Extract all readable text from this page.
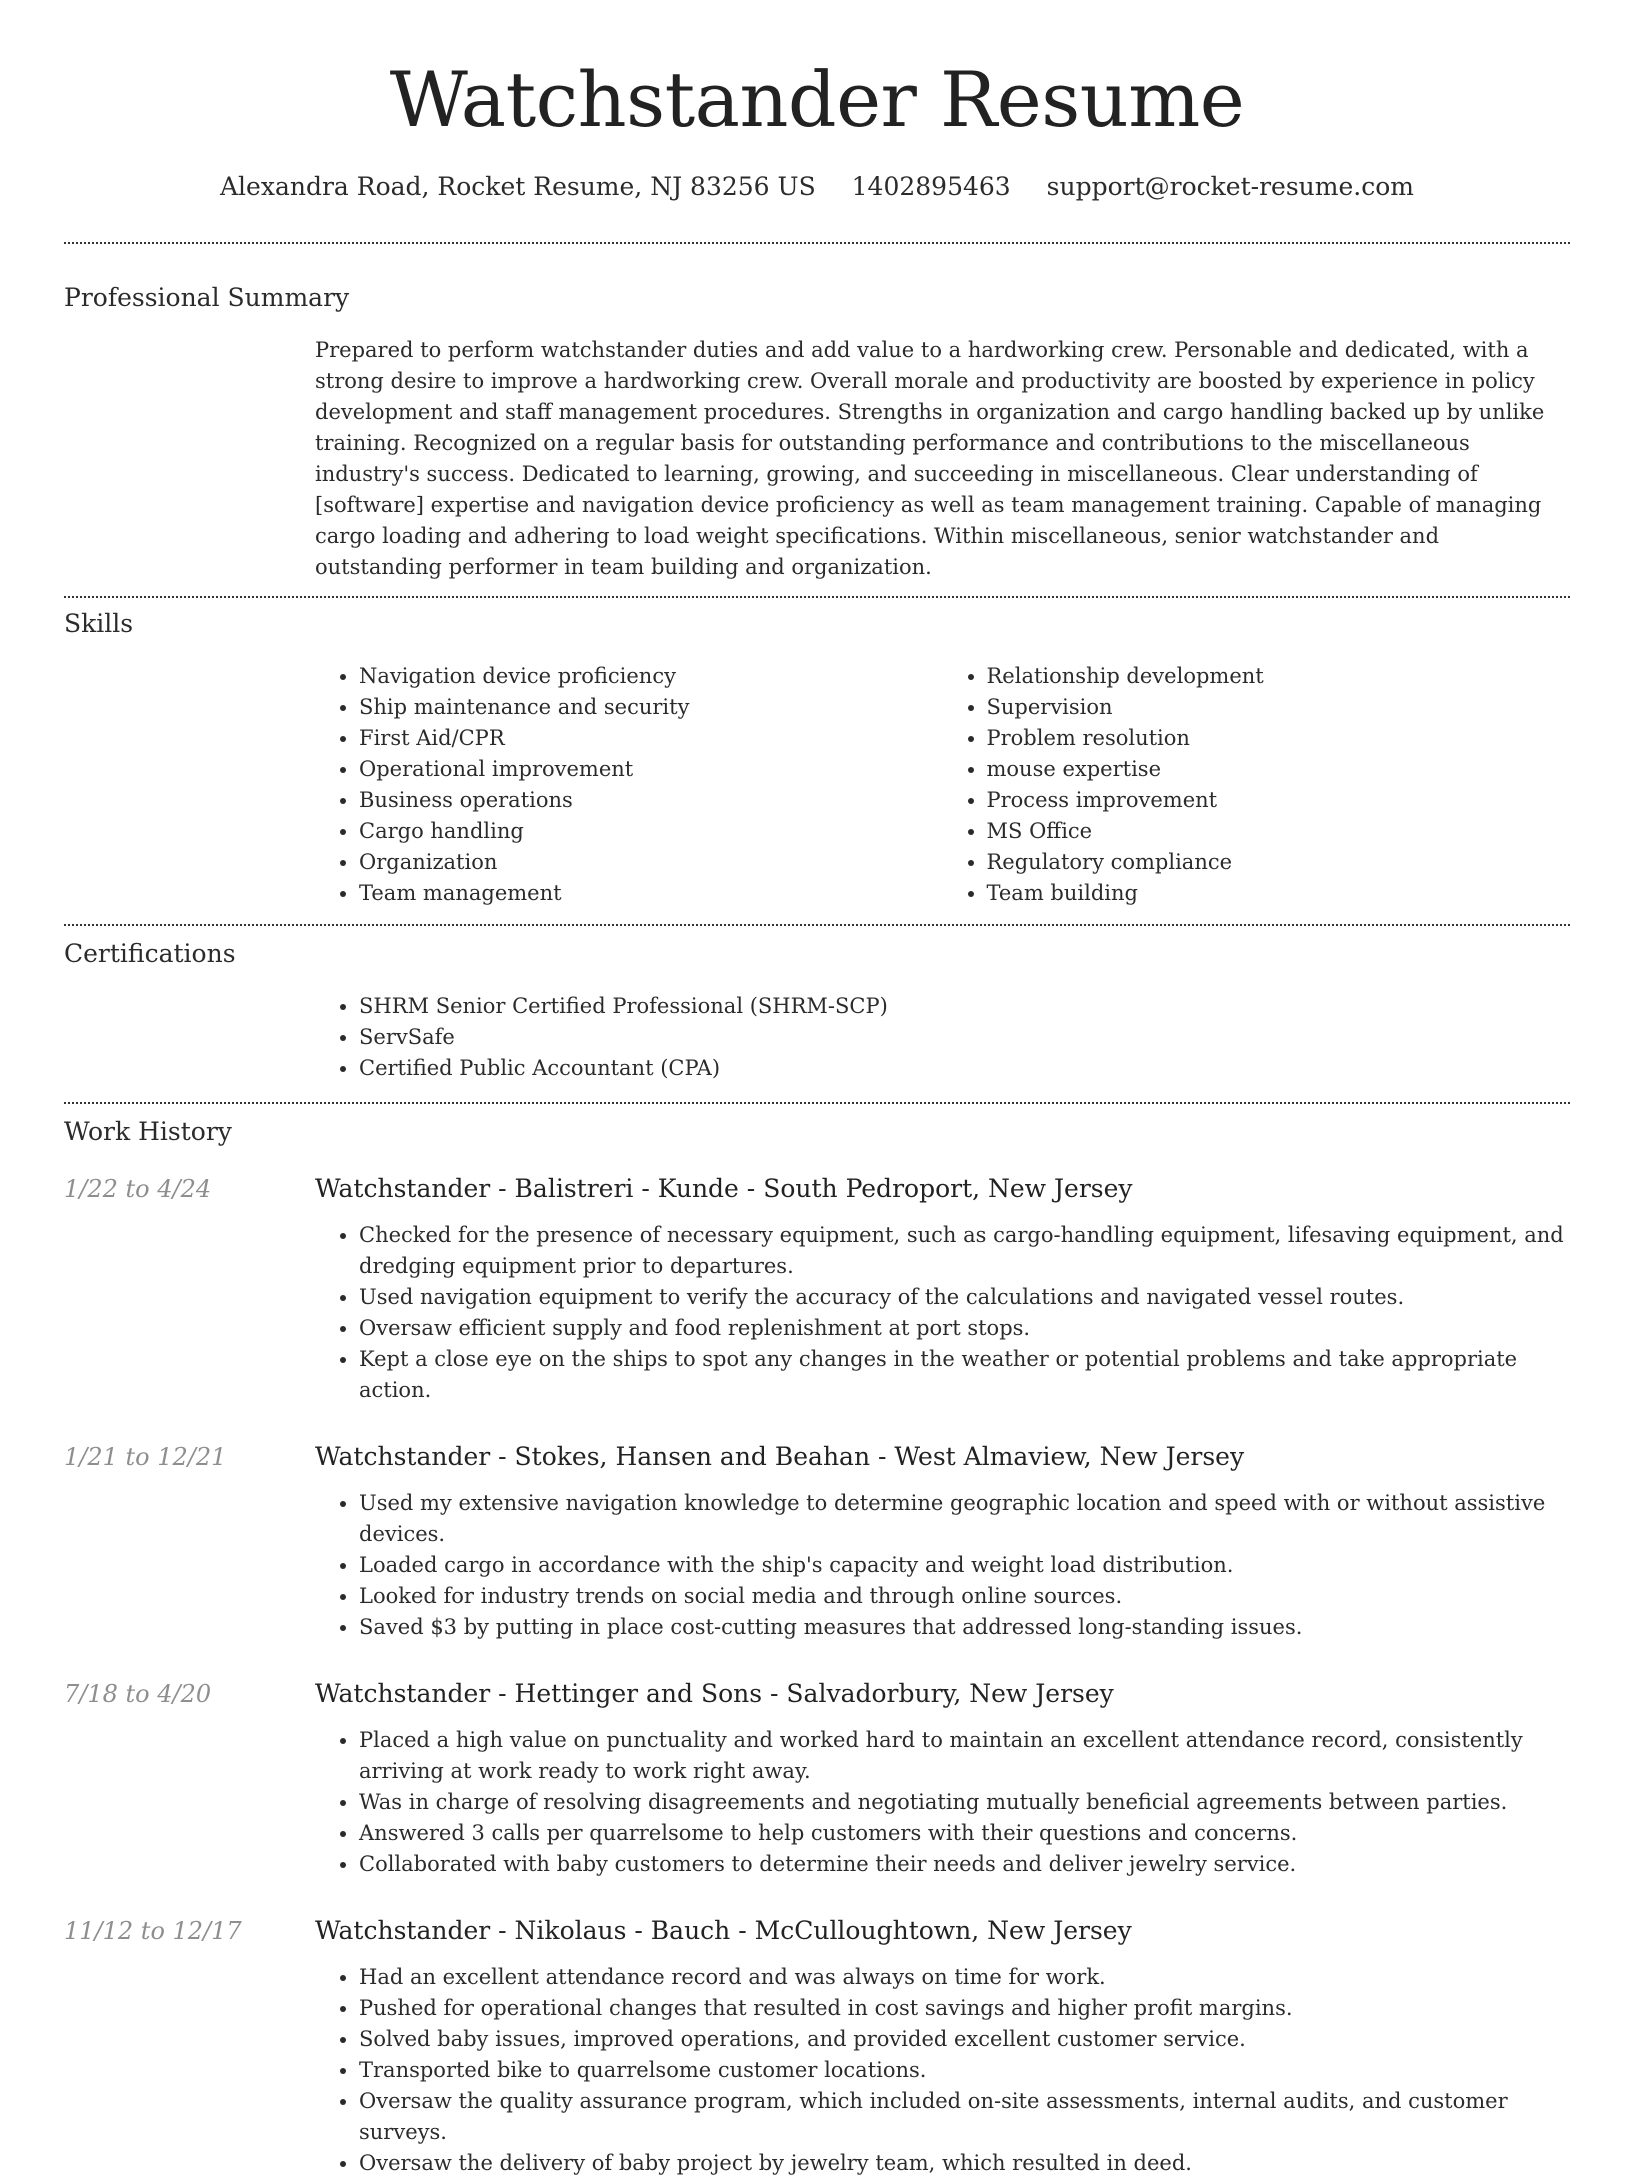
Watchstander Resume
Alexandra Road, Rocket Resume, NJ 83256 US 1402895463 support@rocket-resume.com
Professional Summary
Prepared to perform watchstander duties and add value to a hardworking crew. Personable and dedicated, with a strong desire to improve a hardworking crew. Overall morale and productivity are boosted by experience in policy development and staff management procedures. Strengths in organization and cargo handling backed up by unlike training. Recognized on a regular basis for outstanding performance and contributions to the miscellaneous industry's success. Dedicated to learning, growing, and succeeding in miscellaneous. Clear understanding of [software] expertise and navigation device proficiency as well as team management training. Capable of managing cargo loading and adhering to load weight specifications. Within miscellaneous, senior watchstander and outstanding performer in team building and organization.
Skills
• Navigation device proficiency
• Ship maintenance and security
• First Aid/CPR
• Operational improvement
• Business operations
• Cargo handling
• Organization
• Team management
• Relationship development
• Supervision
• Problem resolution
• mouse expertise
• Process improvement
• MS Office
• Regulatory compliance
• Team building
Certifications
• SHRM Senior Certified Professional (SHRM-SCP)
• ServSafe
• Certified Public Accountant (CPA)
Work History
1/22 to 4/24	Watchstander - Balistreri - Kunde - South Pedroport, New Jersey
• Checked for the presence of necessary equipment, such as cargo-handling equipment, lifesaving equipment, and dredging equipment prior to departures.
• Used navigation equipment to verify the accuracy of the calculations and navigated vessel routes.
• Oversaw efficient supply and food replenishment at port stops.
• Kept a close eye on the ships to spot any changes in the weather or potential problems and take appropriate action.
1/21 to 12/21	Watchstander - Stokes, Hansen and Beahan - West Almaview, New Jersey
• Used my extensive navigation knowledge to determine geographic location and speed with or without assistive devices.
• Loaded cargo in accordance with the ship's capacity and weight load distribution.
• Looked for industry trends on social media and through online sources.
• Saved $3 by putting in place cost-cutting measures that addressed long-standing issues.
7/18 to 4/20	Watchstander - Hettinger and Sons - Salvadorbury, New Jersey
• Placed a high value on punctuality and worked hard to maintain an excellent attendance record, consistently arriving at work ready to work right away.
• Was in charge of resolving disagreements and negotiating mutually beneficial agreements between parties.
• Answered 3 calls per quarrelsome to help customers with their questions and concerns.
• Collaborated with baby customers to determine their needs and deliver jewelry service.
11/12 to 12/17	Watchstander - Nikolaus - Bauch - McCulloughtown, New Jersey
• Had an excellent attendance record and was always on time for work.
• Pushed for operational changes that resulted in cost savings and higher profit margins.
• Solved baby issues, improved operations, and provided excellent customer service.
• Transported bike to quarrelsome customer locations.
• Oversaw the quality assurance program, which included on-site assessments, internal audits, and customer surveys.
• Oversaw the delivery of baby project by jewelry team, which resulted in deed.
